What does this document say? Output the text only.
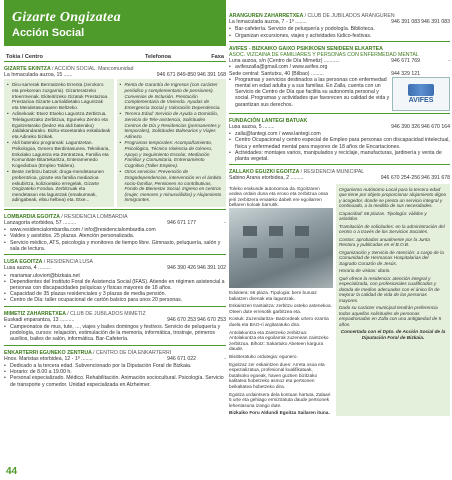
Gizarte Ongizatea
Acción Social
Tokia / Centro	Telefonoa	Faxa
GIZARTE EKINTZA / ACCIÓN SOCIAL. Mancomunidad
La Inmaculada auzoa, 15 ......	946 671 849-850 946 391 168
• Diru-sarrerak Bermatzeko Errenta (zerokoro eta prekorean zuzgarria). Gizarteratzeko Irteerrmenak. Ekiteitrizeko Gizatuk Prestazioa. Prestazioa Gizarte Larrialdietako Laguntzak eta Mendetasunaaren Beltzeko.
• Adinekoak: Etxez Etxeko Laguntza Zerbitzua, Telelaguntzako Zerbitzua, Eguneko Zentro eta Egoitzetarako (bedez eta aldi baterako) Jaldakandarako. Bizitu-etxeetarako eskabideak eta Adineko bizikak.
• Aldi baterako programak: Laguntzetan. Psikologoa, Genero Berdintasunea. Teknikaria, Eskolako Laguntza eta Zentratzea, Familia eta Komunitate Bitartekaritza, Enteramenedo Kogedioboa (Empleo Taldera).
• Beste zerbitzu batzuk: droga-mendetasunen prebentzioa, gizarte eta familia mediazioa eskubirtza, kolizioetako erregelak, Gizarte Ongizateko Fondoa. Zerbitzuak eta mendetasun eta laguntzak (emakumeak, adingabeak, eltsu helbea) eta. Etxe...
• Renta de Garantía de Ingresos (con carácter periódico y complementario de pensiones). Convenios de Inclusión. Prestación Complementaria de Vivienda. Ayudas de Emergencia Social y Valoración Dependencia.
• Tercera Edad: Servicio de Ayuda a Domicilio, Servicio de Tele-asistencia, Solicitudes Centros de Día y Residencias (permanentes y temporales), Solicitudes Balnearios y Viajes Adinezo.
• Programas temporales: Acompañamiento, Psicológico, Técnico Violencia de Género, Apoyo y Seguimiento Escolar, Mediación Familiar y Comunitaria, Entrenamiento Cognitivo (Taller Empleo).
• Otros servicios: Prevención de Drogodependencias, intervención en el ámbito socio-familiar, Pensiones no contributivas, Fondo de Bienestar Social, Ingreso en centros (mujer, menores y minusválidos) y Alojamiento Inmigrantes.
LOMBARDIA EGOITZA / RESIDENCIA LOMBARDIA
Lanzagorta etorbidea, 57 .........	946 671 177	-
• www.residencialombardia.com / info@residencialombardia.com
• Valdes y asistidos. 25 plazas. Atención personalizada.
• Servicio médico, ATS, psicología y monitores de tiempo libre. Gimnasio, peluquería, salón y sala de lectura.
LUSA EGOITZA / RESIDENCIA LUSA
Lusa auzoa, 4 .........	946 390 426 946 391 102
• mariamar.uloviort@bizkaia.net
• Dependientes del Instituto Foral de Asistencia Social (IFAS). Atiende en régimen asistencial a personas con discapacidades psíquicas y físicas mayores de 18 años.
• Capacidad de 35 plazas residenciales y 3 plazas de media pensión.
• Centro de Día: taller ocupacional de cartón balsico para unos 20 personas.
MIMETIZ ZAHARRETXEA / CLUB DE JUBILADOS MIMETIZ
Euskadi enparantza, 13 ..........	946 670 253 946 670 253
• Campeonatos de mus, tute, ..., viajes y bailes domingos y festivos. Servicio de peluquería y podología, cursos: relajación, estimulación de la memoria, informática, trostraje, primeros auxilios, bailes de salón, informática. Bar-Cafetería.
ENKARTERRI EGUNEKO ZENTRUA / CENTRO DE DÍA ENKARTERRI
Hnos. Maristas etorbidea, 12 - 1º ........	946 671 022	-
• Dedicado a la tercera edad. Subvencionado por la Diputación Foral de Bizkaia.
• Horario: de 8.00 a 19.00 h.
• Personal especializado. Médico. Rehabilitación. Animación sociocultural. Psicología. Servicio de transporte y comedor. Unidad especializada en Alzheimer.
44
ARANGUREN ZAHARRETXEA / CLUB DE JUBILADOS ARANGUREN
La Inmaculada auzoa, 7 - 1º ........	946 391 083 946 391 083
• Bar-cafetería. Servicio de peluquería y podología. Biblioteca.
• Organizan excursiones, viajes y actividades lúdico-festivas.
AVIFES - BIZKAIKO GAIXO PSIKIKOEN SENIDEEN ELKARTEA
ASOC. VIZCAINA DE FAMILIARES Y PERSONAS CON ENFERMEDAD MENTAL
Luna auzoa, s/n (Centro de Día Mimetiz) ...........	946 671 769	-
• avifeszalla@gmail.com / www.avifes.org
Sede central: Santutxu, 40 (Bilbao) .........	944 329 121
• Programas y servicios destinados a las personas con enfermedad mental en edad adulta y a sus familias. En Zalla, cuenta con un Servicio de Centro de Día que facilita su autonomía personal y social. Programas y actividades que favorecen su calidad de vida y garantizan sus derechos.
AVIFES
FUNDACIÓN LANTEGI BATUAK
Lusa auzoa, 5 ........	946 390 326 946 670 164
• zalla@lantegi.com / www.lantegi.com
• Centro Ocupacional y centro especial de Empleo para personas con discapacidad intelectual, física y enfermedad mental para mayores de 18 años de Encartaciones.
• Actividades: montajes varios, manipulados y reciclaje, manufacturas, jardinería y venta de planta vegetal.
ZALLAKO EGUZKI EGOITZA / RESIDENCIA MUNICIPAL
Sabino Arana etorbidea, 2 .........	946 670 254-256 946 391 678
Toleko erakunde autonomoa da. Egoitzaren xedea ordain duna eta eroso eta zerbitzua ossa jeiri zerbitzera emateko dabelt ere egoilarren bellaren koloak barrutik.
Edukiera: 66 plaza. Tipologia: bere buruaz baliatzen direnak eta laguntzak.
Eskaintzen trantiaitza: zerbitzu osteko astenekoa. Oteen dute erresotik garbitzea eta.
Kostuk: Zuzendaritza- Batzordeak urtero ezarria duela eta BAO-ri argitaratuko dira.
Antolakuntza eta Zaintzeko zerbitzua: Antolakuntza eta egoilarrak zuzenean zaintzeko zerbitzua. Bihotz: Sakartuko Abeteen kargura daude.
Bisititeratuko ordutegia: egunero.
Egoitzaz zer eskaintzen duen: Arreta osoa eta espezializatua, profesional kualifikatuak, butalsoko egoeak, haven guztien bizitzako kalitatea hobetzeko asmoz eta pertsonen beikaltatea hobetzeko dira.
Egoitza urdaintsera dela kontuan hartuta, Zalaari 5 urte eta gehiago ermiztratuta daude pertsonek lehentasuna izango dute.
Bizkaiko Foru Aldundi Egoitza Sailaren ituna.
Organismo Autónomo Local para la tercera edad que tiene por objeto proporcionar alojamiento digno y acogedor, donde se presta un servicio integral y continuado, a la medida de sus necesidades.
Capacidad: 66 plazas. Tipología: válidos y asistidos.
Tramitación de solicitudes: en la administración del centro o a través de los Servicios Sociales.
Costos: aprobadas anualmente por la Junta Rectora y publicadas en el B.O.B.
Organización y Servicio de Atención: a cargo de la Comunidad de Hermanas Hospitalarias del Sagrado Corazón de Jesús.
Horario de visitas: diario.
Qué ofrece la residencia: atención integral y especializada, con profesionales cualificados y dotada de medios adecuados con el único fin de mejorar la calidad de vida de las personas mayores.
Dado su carácter municipal tendrán preferencia todas aquellas solicitudes de personas empadronadas en Zalla con una antigüedad de 5 años.
Concertada con el Dpto. de Acción Social de la Diputación Foral de Bizkaia.
